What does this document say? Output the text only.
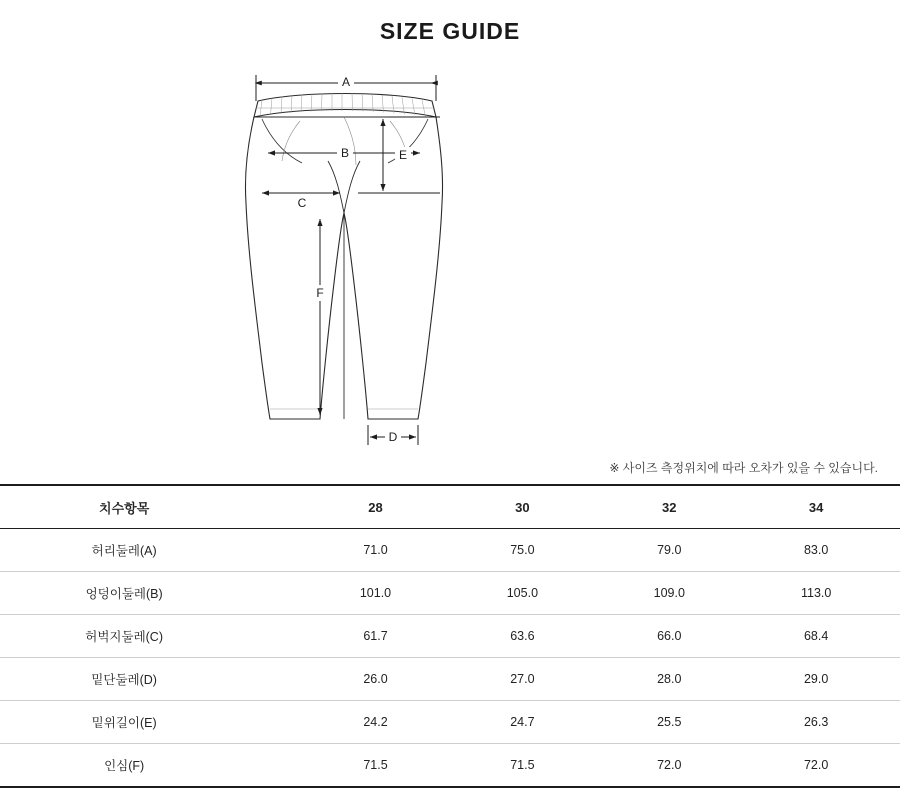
SIZE GUIDE
A
B
C
D
E
F
※ 사이즈 측정위치에 따라 오차가 있을 수 있습니다.
치수항목		28	30	32	34	
허리둘레(A)		71.0	75.0	79.0	83.0	
엉덩이둘레(B)		101.0	105.0	109.0	113.0	
허벅지둘레(C)		61.7	63.6	66.0	68.4	
밑단둘레(D)		26.0	27.0	28.0	29.0	
밑위길이(E)		24.2	24.7	25.5	26.3	
인심(F)		71.5	71.5	72.0	72.0	
